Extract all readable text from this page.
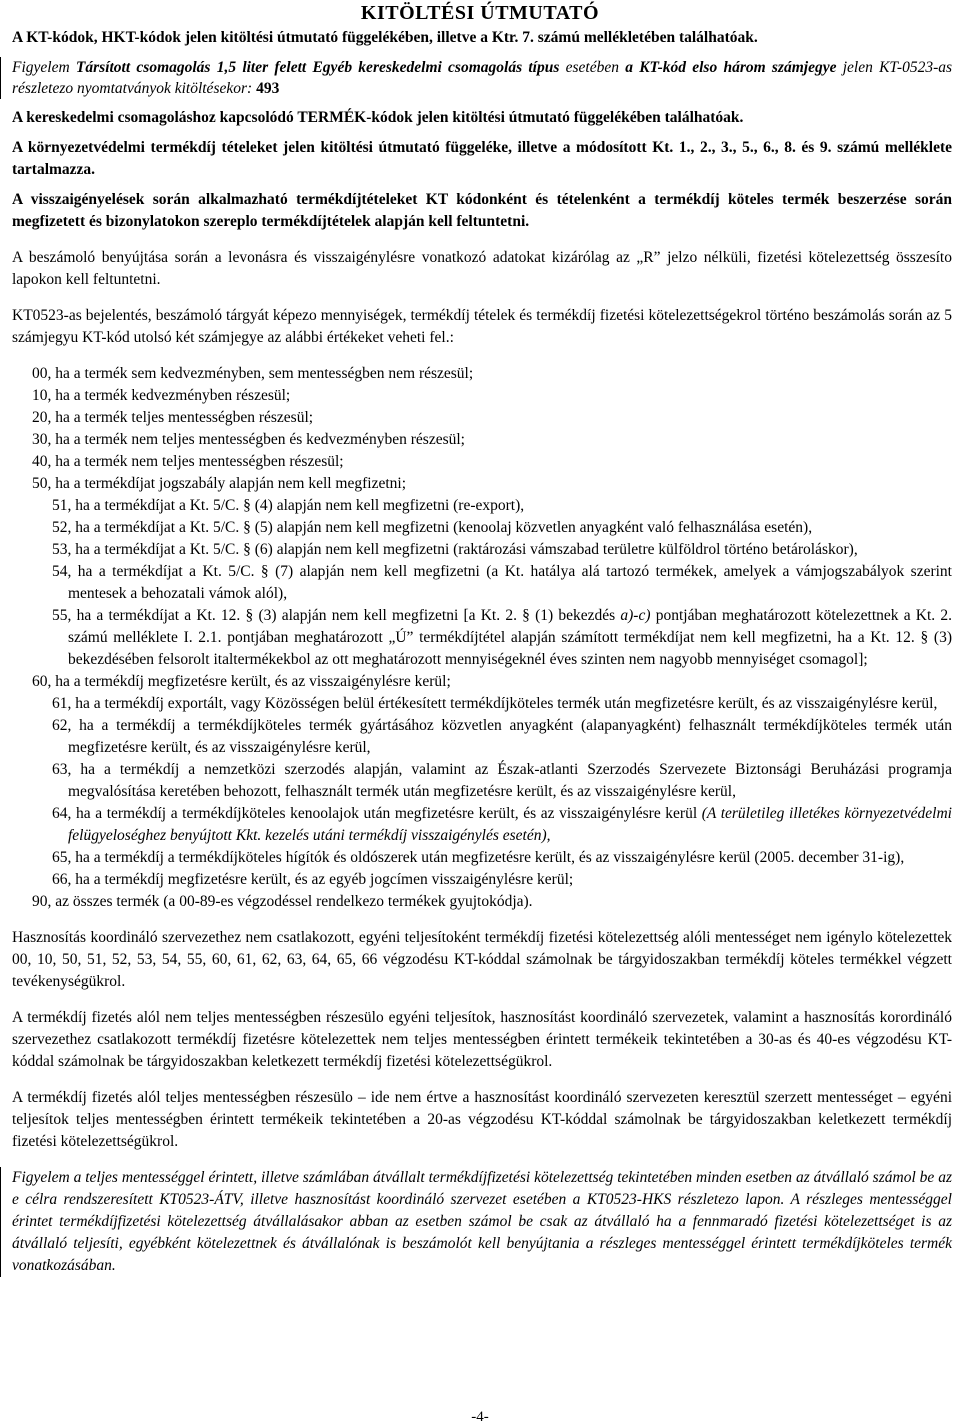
KITÖLTÉSI ÚTMUTATÓ

A KT-kódok, HKT-kódok jelen kitöltési útmutató függelékében, illetve a Ktr. 7. számú mellékletében találhatóak.

Figyelem Társított csomagolás 1,5 liter felett Egyéb kereskedelmi csomagolás típus esetében a KT-kód elso három számjegye jelen KT-0523-as részletezo nyomtatványok kitöltésekor: 493

A kereskedelmi csomagoláshoz kapcsolódó TERMÉK-kódok jelen kitöltési útmutató függelékében találhatóak.

A környezetvédelmi termékdíj tételeket jelen kitöltési útmutató függeléke, illetve a módosított Kt. 1., 2., 3., 5., 6., 8. és 9. számú melléklete tartalmazza.

A visszaigényelések során alkalmazható termékdíjtételeket KT kódonként és tételenként a termékdíj köteles termék beszerzése során megfizetett és bizonylatokon szereplo termékdíjtételek alapján kell feltuntetni.

A beszámoló benyújtása során a levonásra és visszaigénylésre vonatkozó adatokat kizárólag az „R” jelzo nélküli, fizetési kötelezettség összesíto lapokon kell feltuntetni.

KT0523-as bejelentés, beszámoló tárgyát képezo mennyiségek, termékdíj tételek és termékdíj fizetési kötelezettségekrol történo beszámolás során az 5 számjegyu KT-kód utolsó két számjegye az alábbi értékeket veheti fel.:

00, ha a termék sem kedvezményben, sem mentességben nem részesül;

10, ha a termék kedvezményben részesül;

20, ha a termék teljes mentességben részesül;

30, ha a termék nem teljes mentességben és kedvezményben részesül;

40, ha a termék nem teljes mentességben részesül;

50, ha a termékdíjat jogszabály alapján nem kell megfizetni;

51, ha a termékdíjat a Kt. 5/C. § (4) alapján nem kell megfizetni (re-export),

52, ha a termékdíjat a Kt. 5/C. § (5) alapján nem kell megfizetni (kenoolaj közvetlen anyagként való felhasználása esetén),

53, ha a termékdíjat a Kt. 5/C. § (6) alapján nem kell megfizetni (raktározási vámszabad területre külföldrol történo betároláskor),

54, ha a termékdíjat a Kt. 5/C. § (7) alapján nem kell megfizetni (a Kt. hatálya alá tartozó termékek, amelyek a vámjogszabályok szerint mentesek a behozatali vámok alól),

55, ha a termékdíjat a Kt. 12. § (3) alapján nem kell megfizetni [a Kt. 2. § (1) bekezdés a)-c) pontjában meghatározott kötelezettnek a Kt. 2. számú melléklete I. 2.1. pontjában meghatározott „Ú” termékdíjtétel alapján számított termékdíjat nem kell megfizetni, ha a Kt. 12. § (3) bekezdésében felsorolt italtermékekbol az ott meghatározott mennyiségeknél éves szinten nem nagyobb mennyiséget csomagol];

60, ha a termékdíj megfizetésre került, és az visszaigénylésre kerül;

61, ha a termékdíj exportált, vagy Közösségen belül értékesített termékdíjköteles termék után megfizetésre került, és az visszaigénylésre kerül,

62, ha a termékdíj a termékdíjköteles termék gyártásához közvetlen anyagként (alapanyagként) felhasznált termékdíjköteles termék után megfizetésre került, és az visszaigénylésre kerül,

63, ha a termékdíj a nemzetközi szerzodés alapján, valamint az Észak-atlanti Szerzodés Szervezete Biztonsági Beruházási programja megvalósítása keretében behozott, felhasznált termék után megfizetésre került, és az visszaigénylésre kerül,

64, ha a termékdíj a termékdíjköteles kenoolajok után megfizetésre került, és az visszaigénylésre kerül (A területileg illetékes környezetvédelmi felügyeloséghez benyújtott Kkt. kezelés utáni termékdíj visszaigénylés esetén),

65, ha a termékdíj a termékdíjköteles hígítók és oldószerek után megfizetésre került, és az visszaigénylésre kerül (2005. december 31-ig),

66, ha a termékdíj megfizetésre került, és az egyéb jogcímen visszaigénylésre kerül;

90, az összes termék (a 00-89-es végzodéssel rendelkezo termékek gyujtokódja).

Hasznosítás koordináló szervezethez nem csatlakozott, egyéni teljesítoként termékdíj fizetési kötelezettség alóli mentességet nem igénylo kötelezettek 00, 10, 50, 51, 52, 53, 54, 55, 60, 61, 62, 63, 64, 65, 66 végzodésu KT-kóddal számolnak be tárgyidoszakban termékdíj köteles termékkel végzett tevékenységükrol.

A termékdíj fizetés alól nem teljes mentességben részesülo egyéni teljesítok, hasznosítást koordináló szervezetek, valamint a hasznosítás korordináló szervezethez csatlakozott termékdíj fizetésre kötelezettek nem teljes mentességben érintett termékeik tekintetében a 30-as és 40-es végzodésu KT-kóddal számolnak be tárgyidoszakban keletkezett termékdíj fizetési kötelezettségükrol.

A termékdíj fizetés alól teljes mentességben részesülo – ide nem értve a hasznosítást koordináló szervezeten keresztül szerzett mentességet – egyéni teljesítok teljes mentességben érintett termékeik tekintetében a 20-as végzodésu KT-kóddal számolnak be tárgyidoszakban keletkezett termékdíj fizetési kötelezettségükrol.

Figyelem a teljes mentességgel érintett, illetve számlában átvállalt termékdíjfizetési kötelezettség tekintetében minden esetben az átvállaló számol be az e célra rendszeresített KT0523-ÁTV, illetve hasznosítást koordináló szervezet esetében a KT0523-HKS részletezo lapon. A részleges mentességgel érintet termékdíjfizetési kötelezettség átvállalásakor abban az esetben számol be csak az átvállaló ha a fennmaradó fizetési kötelezettséget is az átvállaló teljesíti, egyébként kötelezettnek és átvállalónak is beszámolót kell benyújtania a részleges mentességgel érintett termékdíjköteles termék vonatkozásában.

-4-
